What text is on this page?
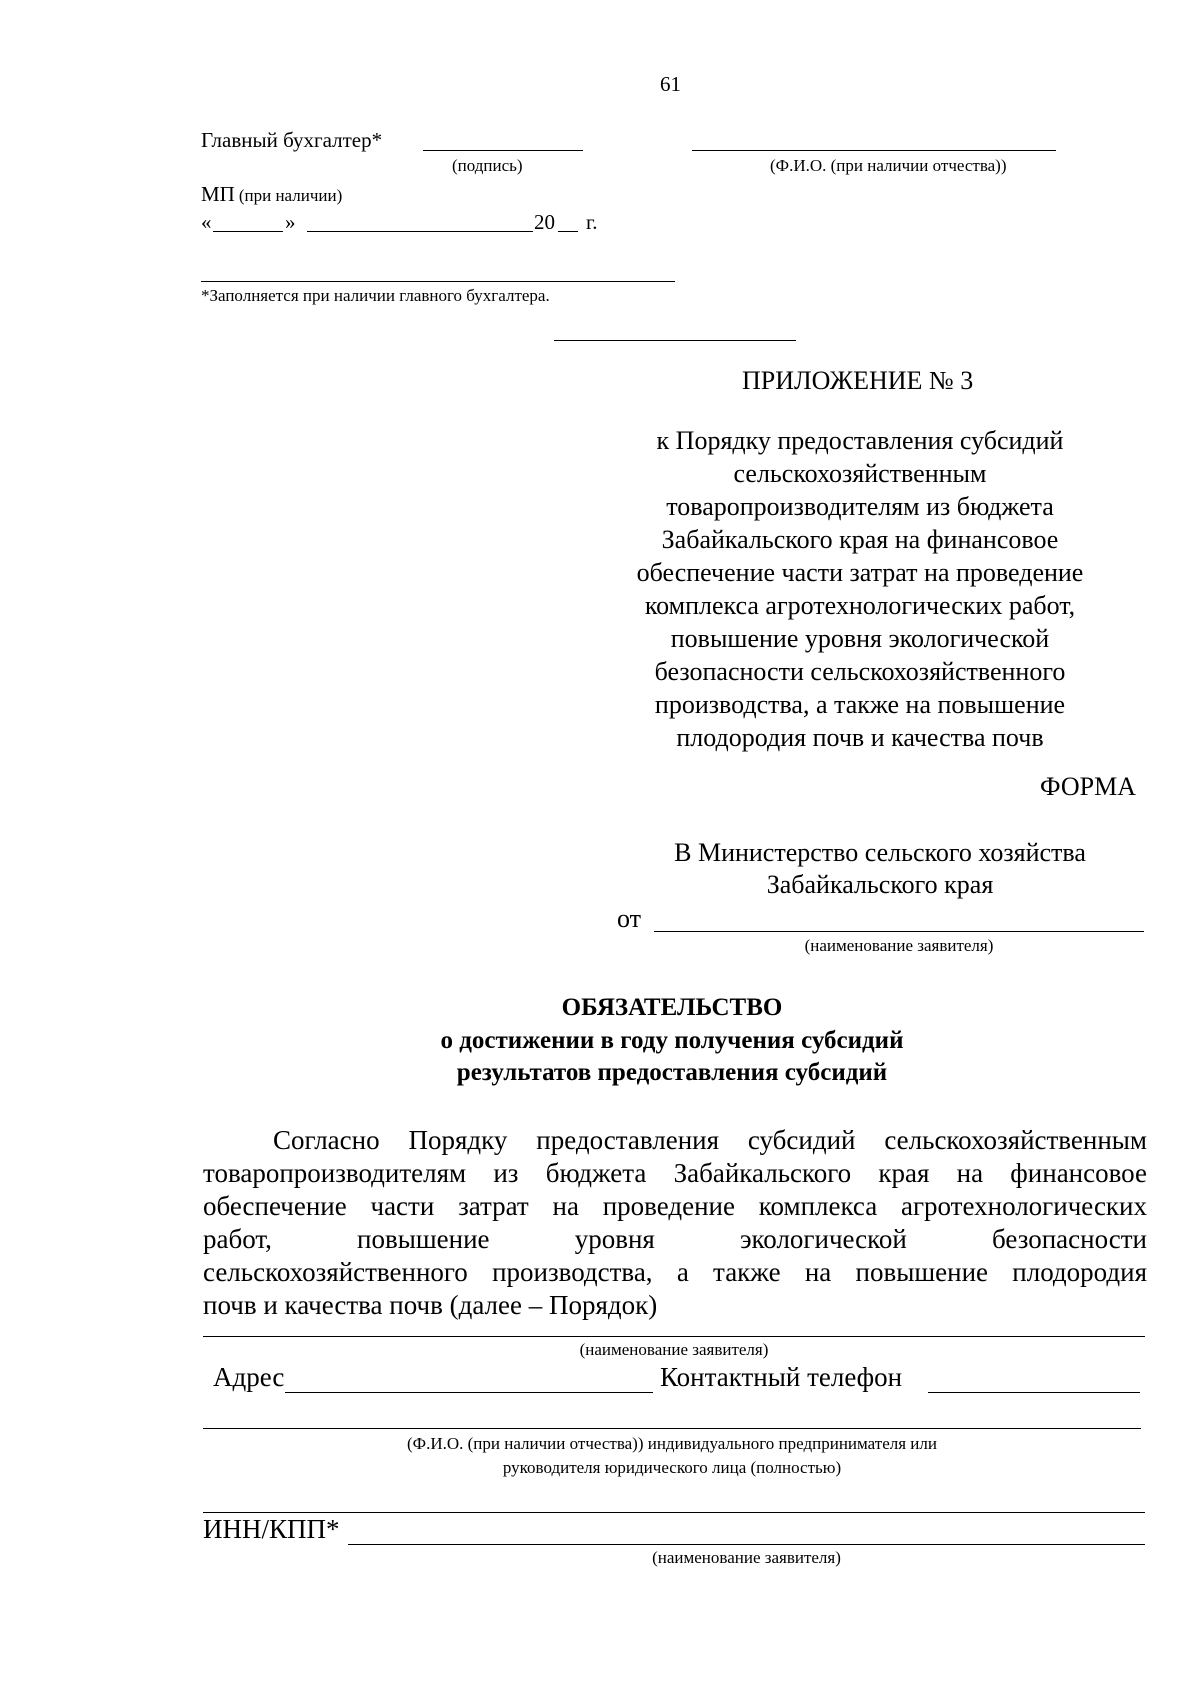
61
Главный бухгалтер*
(подпись)	(Ф.И.О. (при наличии отчества))
МП (при наличии)
«	»	20 г.
*Заполняется при наличии главного бухгалтера.
ПРИЛОЖЕНИЕ № 3
к Порядку предоставления субсидий
сельскохозяйственным
товаропроизводителям из бюджета
Забайкальского края на финансовое
обеспечение части затрат на проведение
комплекса агротехнологических работ,
повышение уровня экологической
безопасности сельскохозяйственного
производства, а также на повышение
плодородия почв и качества почв
ФОРМА
В Министерство сельского хозяйства
Забайкальского края
от
(наименование заявителя)
ОБЯЗАТЕЛЬСТВО
о достижении в году получения субсидий
результатов предоставления субсидий
Согласно Порядку предоставления субсидий сельскохозяйственным
товаропроизводителям из бюджета Забайкальского края на финансовое
обеспечение части затрат на проведение комплекса агротехнологических
работ, повышение уровня экологической безопасности
сельскохозяйственного производства, а также на повышение плодородия
почв и качества почв (далее – Порядок)
(наименование заявителя)
Адрес	Контактный телефон
(Ф.И.О. (при наличии отчества)) индивидуального предпринимателя или
руководителя юридического лица (полностью)
ИНН/КПП*
(наименование заявителя)
